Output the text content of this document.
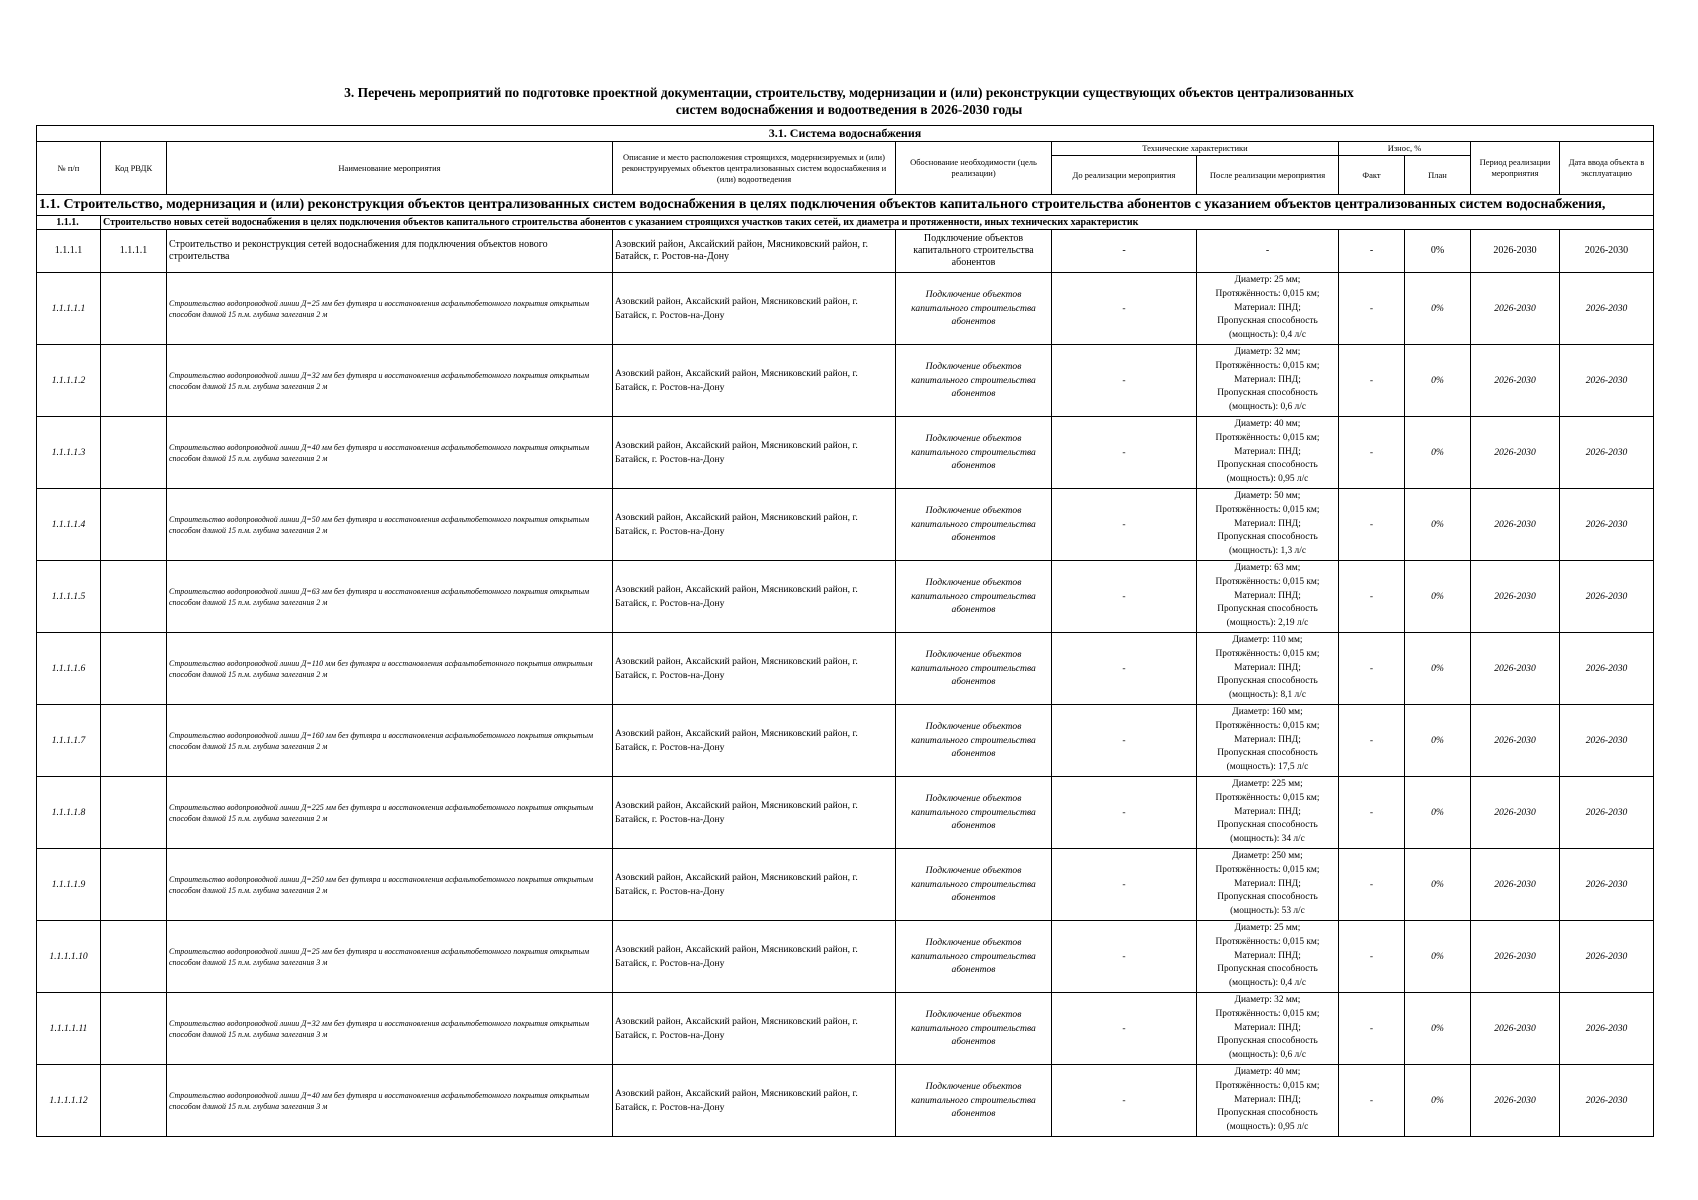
3. Перечень мероприятий по подготовке проектной документации, строительству, модернизации и (или) реконструкции существующих объектов централизованных
систем водоснабжения и водоотведения в 2026-2030 годы
3.1. Система водоснабжения										
№ п/п	Код РВДК	Наименование мероприятия	Описание и место расположения строящихся, модернизируемых и (или) реконструируемых объектов централизованных систем водоснабжения и (или) водоотведения	Обоснование необходимости (цель реализации)	Технические характеристики		Износ, %		Период реализации мероприятия	Дата ввода объекта в эксплуатацию
					До реализации мероприятия	После реализации мероприятия	Факт	План		
1.1. Строительство, модернизация и (или) реконструкция объектов централизованных систем водоснабжения в целях подключения объектов капитального строительства абонентов с указанием объектов централизованных систем водоснабжения,										
1.1.1.	Строительство новых сетей водоснабжения в целях подключения объектов капитального строительства абонентов с указанием строящихся участков таких сетей, их диаметра и протяженности, иных технических характеристик									
1.1.1.1	1.1.1.1	Строительство и реконструкция сетей водоснабжения для подключения объектов нового строительства	Азовский район, Аксайский район, Мясниковский район, г. Батайск, г. Ростов-на-Дону	Подключение объектов капитального строительства абонентов	-	-	-	0%	2026-2030	2026-2030
1.1.1.1.1		Строительство водопроводной линии Д=25 мм без футляра и восстановления асфальтобетонного покрытия открытым способом длиной 15 п.м. глубина залегания 2 м	Азовский район, Аксайский район, Мясниковский район, г. Батайск, г. Ростов-на-Дону	Подключение объектов капитального строительства абонентов	-	Диаметр: 25 мм;
Протяжённость: 0,015 км;
Материал: ПНД;
Пропускная способность
(мощность): 0,4 л/с	-	0%	2026-2030	2026-2030
1.1.1.1.2		Строительство водопроводной линии Д=32 мм без футляра и восстановления асфальтобетонного покрытия открытым способом длиной 15 п.м. глубина залегания 2 м	Азовский район, Аксайский район, Мясниковский район, г. Батайск, г. Ростов-на-Дону	Подключение объектов капитального строительства абонентов	-	Диаметр: 32 мм;
Протяжённость: 0,015 км;
Материал: ПНД;
Пропускная способность
(мощность): 0,6 л/с	-	0%	2026-2030	2026-2030
1.1.1.1.3		Строительство водопроводной линии Д=40 мм без футляра и восстановления асфальтобетонного покрытия открытым способом длиной 15 п.м. глубина залегания 2 м	Азовский район, Аксайский район, Мясниковский район, г. Батайск, г. Ростов-на-Дону	Подключение объектов капитального строительства абонентов	-	Диаметр: 40 мм;
Протяжённость: 0,015 км;
Материал: ПНД;
Пропускная способность
(мощность): 0,95 л/с	-	0%	2026-2030	2026-2030
1.1.1.1.4		Строительство водопроводной линии Д=50 мм без футляра и восстановления асфальтобетонного покрытия открытым способом длиной 15 п.м. глубина залегания 2 м	Азовский район, Аксайский район, Мясниковский район, г. Батайск, г. Ростов-на-Дону	Подключение объектов капитального строительства абонентов	-	Диаметр: 50 мм;
Протяжённость: 0,015 км;
Материал: ПНД;
Пропускная способность
(мощность): 1,3 л/с	-	0%	2026-2030	2026-2030
1.1.1.1.5		Строительство водопроводной линии Д=63 мм без футляра и восстановления асфальтобетонного покрытия открытым способом длиной 15 п.м. глубина залегания 2 м	Азовский район, Аксайский район, Мясниковский район, г. Батайск, г. Ростов-на-Дону	Подключение объектов капитального строительства абонентов	-	Диаметр: 63 мм;
Протяжённость: 0,015 км;
Материал: ПНД;
Пропускная способность
(мощность): 2,19 л/с	-	0%	2026-2030	2026-2030
1.1.1.1.6		Строительство водопроводной линии Д=110 мм без футляра и восстановления асфальтобетонного покрытия открытым способом длиной 15 п.м. глубина залегания 2 м	Азовский район, Аксайский район, Мясниковский район, г. Батайск, г. Ростов-на-Дону	Подключение объектов капитального строительства абонентов	-	Диаметр: 110 мм;
Протяжённость: 0,015 км;
Материал: ПНД;
Пропускная способность
(мощность): 8,1 л/с	-	0%	2026-2030	2026-2030
1.1.1.1.7		Строительство водопроводной линии Д=160 мм без футляра и восстановления асфальтобетонного покрытия открытым способом длиной 15 п.м. глубина залегания 2 м	Азовский район, Аксайский район, Мясниковский район, г. Батайск, г. Ростов-на-Дону	Подключение объектов капитального строительства абонентов	-	Диаметр: 160 мм;
Протяжённость: 0,015 км;
Материал: ПНД;
Пропускная способность
(мощность): 17,5 л/с	-	0%	2026-2030	2026-2030
1.1.1.1.8		Строительство водопроводной линии Д=225 мм без футляра и восстановления асфальтобетонного покрытия открытым способом длиной 15 п.м. глубина залегания 2 м	Азовский район, Аксайский район, Мясниковский район, г. Батайск, г. Ростов-на-Дону	Подключение объектов капитального строительства абонентов	-	Диаметр: 225 мм;
Протяжённость: 0,015 км;
Материал: ПНД;
Пропускная способность
(мощность): 34 л/с	-	0%	2026-2030	2026-2030
1.1.1.1.9		Строительство водопроводной линии Д=250 мм без футляра и восстановления асфальтобетонного покрытия открытым способом длиной 15 п.м. глубина залегания 2 м	Азовский район, Аксайский район, Мясниковский район, г. Батайск, г. Ростов-на-Дону	Подключение объектов капитального строительства абонентов	-	Диаметр: 250 мм;
Протяжённость: 0,015 км;
Материал: ПНД;
Пропускная способность
(мощность): 53 л/с	-	0%	2026-2030	2026-2030
1.1.1.1.10		Строительство водопроводной линии Д=25 мм без футляра и восстановления асфальтобетонного покрытия открытым способом длиной 15 п.м. глубина залегания 3 м	Азовский район, Аксайский район, Мясниковский район, г. Батайск, г. Ростов-на-Дону	Подключение объектов капитального строительства абонентов	-	Диаметр: 25 мм;
Протяжённость: 0,015 км;
Материал: ПНД;
Пропускная способность
(мощность): 0,4 л/с	-	0%	2026-2030	2026-2030
1.1.1.1.11		Строительство водопроводной линии Д=32 мм без футляра и восстановления асфальтобетонного покрытия открытым способом длиной 15 п.м. глубина залегания 3 м	Азовский район, Аксайский район, Мясниковский район, г. Батайск, г. Ростов-на-Дону	Подключение объектов капитального строительства абонентов	-	Диаметр: 32 мм;
Протяжённость: 0,015 км;
Материал: ПНД;
Пропускная способность
(мощность): 0,6 л/с	-	0%	2026-2030	2026-2030
1.1.1.1.12		Строительство водопроводной линии Д=40 мм без футляра и восстановления асфальтобетонного покрытия открытым способом длиной 15 п.м. глубина залегания 3 м	Азовский район, Аксайский район, Мясниковский район, г. Батайск, г. Ростов-на-Дону	Подключение объектов капитального строительства абонентов	-	Диаметр: 40 мм;
Протяжённость: 0,015 км;
Материал: ПНД;
Пропускная способность
(мощность): 0,95 л/с	-	0%	2026-2030	2026-2030
